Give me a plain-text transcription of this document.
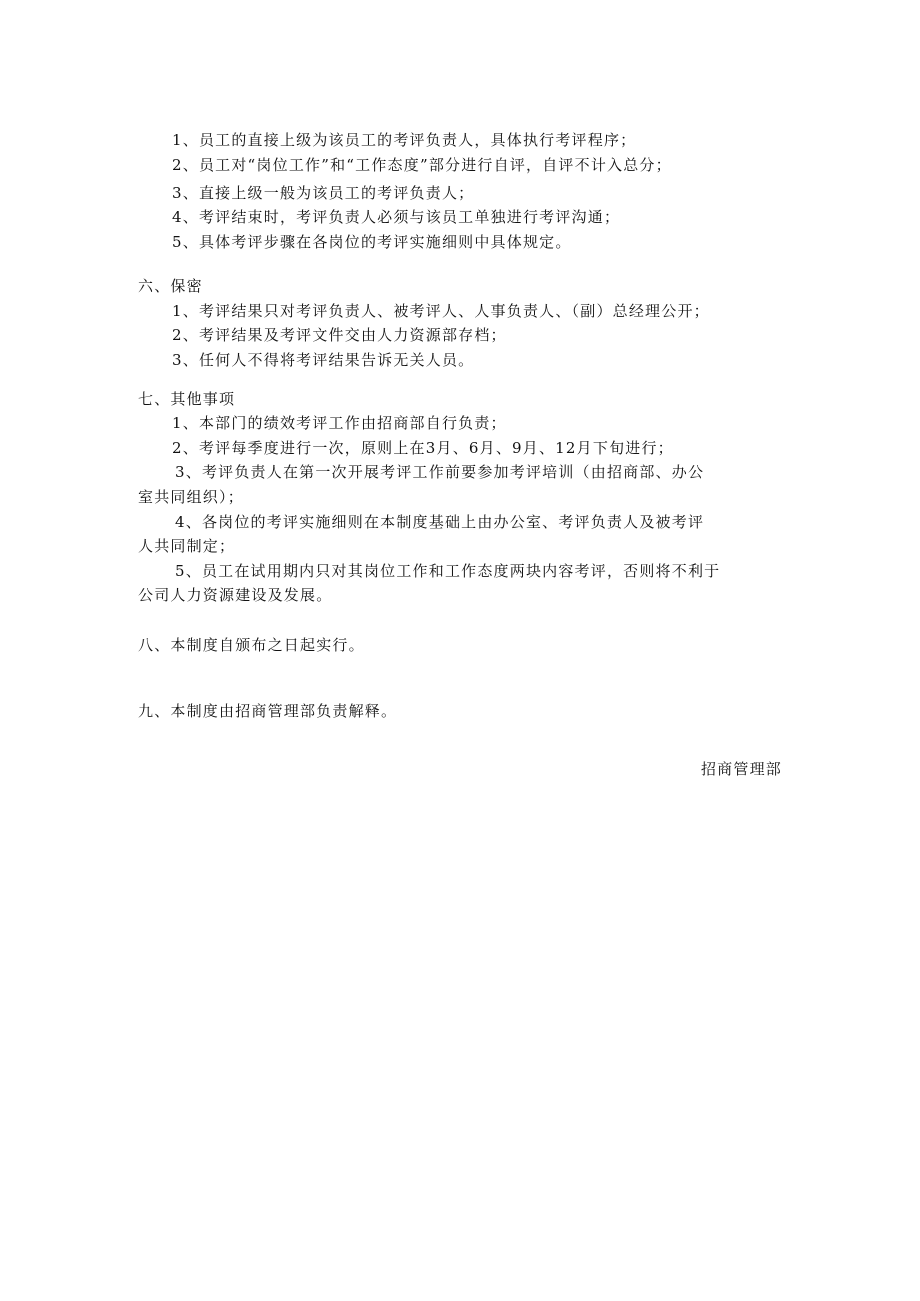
1、员工的直接上级为该员工的考评负责人，具体执行考评程序；
2、员工对“岗位工作”和“工作态度”部分进行自评，自评不计入总分；
3、直接上级一般为该员工的考评负责人；
4、考评结束时，考评负责人必须与该员工单独进行考评沟通；
5、具体考评步骤在各岗位的考评实施细则中具体规定。
六、保密
1、考评结果只对考评负责人、被考评人、人事负责人、（副）总经理公开；
2、考评结果及考评文件交由人力资源部存档；
3、任何人不得将考评结果告诉无关人员。
七、其他事项
1、本部门的绩效考评工作由招商部自行负责；
2、考评每季度进行一次，原则上在3月、6月、9月、12月下旬进行；
3、考评负责人在第一次开展考评工作前要参加考评培训（由招商部、办公
室共同组织）；
4、各岗位的考评实施细则在本制度基础上由办公室、考评负责人及被考评
人共同制定；
5、员工在试用期内只对其岗位工作和工作态度两块内容考评，否则将不利于
公司人力资源建设及发展。
八、本制度自颁布之日起实行。
九、本制度由招商管理部负责解释。
招商管理部
